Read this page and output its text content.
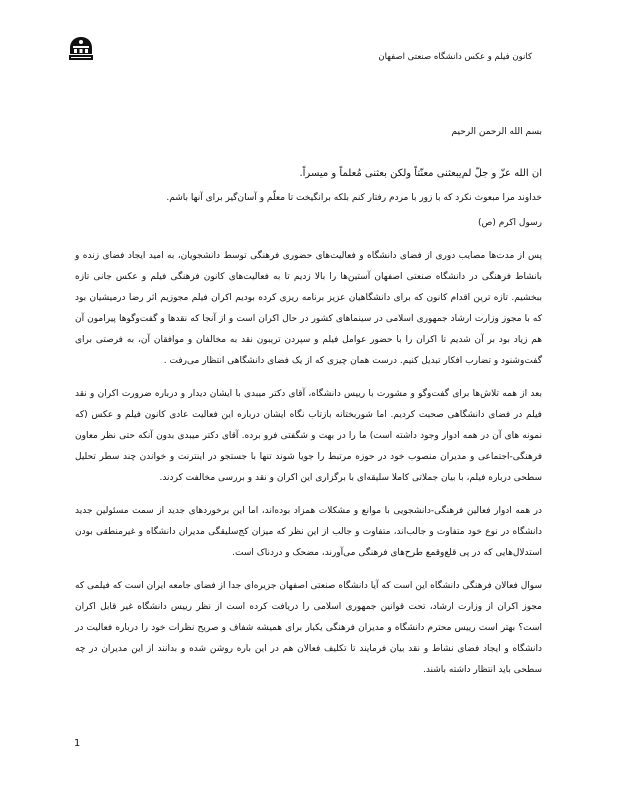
کانون فیلم و عکس دانشگاه صنعتی اصفهان

بسم الله الرحمن الرحیم

ان الله عزّ و جلّ لم‌یبعثنی معنّتاً ولکن بعثنی مُعلماً و میسراً.

خداوند مرا مبعوث نکرد که با زور با مردم رفتار کنم بلکه برانگیخت تا معلّم و آسان‌گیر برای آنها باشم.

رسول اکرم (ص)

پس از مدت‌ها مصایب دوری از فضای دانشگاه و فعالیت‌های حضوری فرهنگی توسط دانشجویان، به امید ایجاد فضای زنده و بانشاط فرهنگی در دانشگاه صنعتی اصفهان آستین‌ها را بالا زدیم تا به فعالیت‌های کانون فرهنگی فیلم و عکس جانی تازه ببخشیم. تازه ترین اقدام کانون که برای دانشگاهیان عزیز برنامه ریزی کرده بودیم اکران فیلم مجوزیم اثر رضا درمیشیان بود که با مجوز وزارت ارشاد جمهوری اسلامی در سینماهای کشور در حال اکران است و از آنجا که نقدها و گفت‌وگوها پیرامون آن هم زیاد بود بر آن شدیم تا اکران را با حضور عوامل فیلم و سپردن تریبون نقد به مخالفان و موافقان آن، به فرصتی برای گفت‌وشنود و تضارب افکار تبدیل کنیم. درست همان چیزی که از یک فضای دانشگاهی انتظار می‌رفت .

بعد از همه تلاش‌ها برای گفت‌وگو و مشورت با رییس دانشگاه، آقای دکتر میبدی با ایشان دیدار و درباره ضرورت اکران و نقد فیلم در فضای دانشگاهی صحبت کردیم. اما شوربختانه بازتاب نگاه ایشان درباره این فعالیت عادی کانون فیلم و عکس (که نمونه های آن در همه ادوار وجود داشته است) ما را در بهت و شگفتی فرو برده. آقای دکتر میبدی بدون آنکه حتی نظر معاون فرهنگی-اجتماعی و مدیران منصوب خود در حوزه مرتبط را جویا شوند تنها با جستجو در اینترنت و خواندن چند سطر تحلیل سطحی درباره فیلم، با بیان جملاتی کاملا سلیقه‌ای با برگزاری این اکران و نقد و بررسی مخالفت کردند.

در همه ادوار فعالین فرهنگی-دانشجویی با موانع و مشکلات همزاد بوده‌اند، اما این برخوردهای جدید از سمت مسئولین جدید دانشگاه در نوع خود متفاوت و جالب‌اند، متفاوت و جالب از این نظر که میزان کج‌سلیقگی مدیران دانشگاه و غیرمنطقی بودن استدلال‌هایی که در پی قلع‌وقمع طرح‌های فرهنگی می‌آورند، مضحک و دردناک است.

سوال فعالان فرهنگی دانشگاه این است که آیا دانشگاه صنعتی اصفهان جزیره‌ای جدا از فضای جامعه ایران است که فیلمی که مجوز اکران از وزارت ارشاد، تحت قوانین جمهوری اسلامی را دریافت کرده است از نظر رییس دانشگاه غیر قابل اکران است؟ بهتر است رییس محترم دانشگاه و مدیران فرهنگی یکبار برای همیشه شفاف و صریح نظرات خود را درباره فعالیت در دانشگاه و ایجاد فضای نشاط و نقد بیان فرمایند تا تکلیف فعالان هم در این باره روشن شده و بدانند از این مدیران در چه سطحی باید انتظار داشته باشند.

1
